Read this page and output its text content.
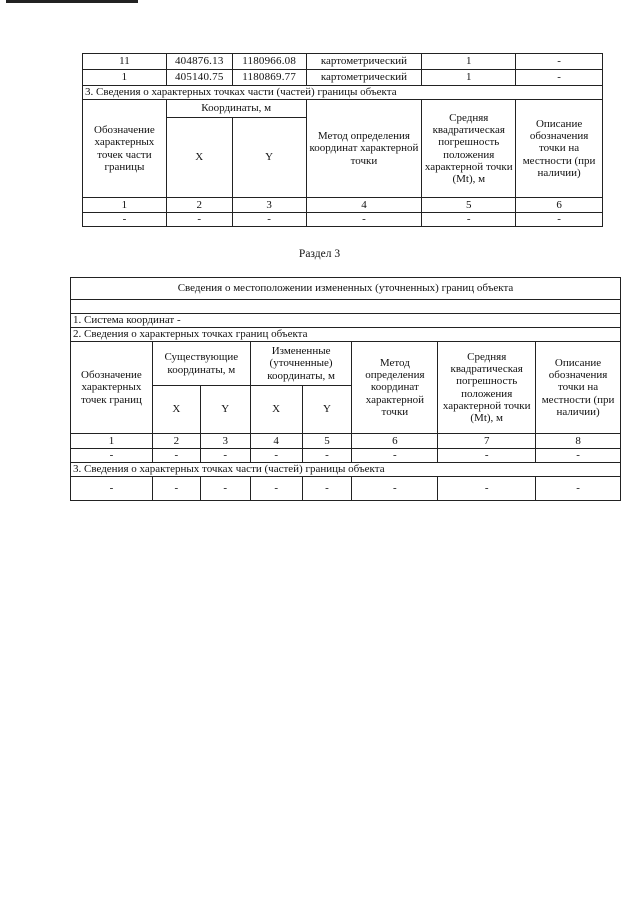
11	404876.13	1180966.08	картометрический	1	-
1	405140.75	1180869.77	картометрический	1	-
3. Сведения о характерных точках части (частей) границы объекта					
Обозначение характерных точек части границы	Координаты, м		Метод определения координат характерной точки	Средняя квадратическая погрешность положения характерной точки (Mt), м	Описание обозначения точки на местности (при наличии)
	X	Y			
1	2	3	4	5	6
-	-	-	-	-	-
Раздел 3
Сведения о местоположении измененных (уточненных) границ объекта							

1. Система координат -							
2. Сведения о характерных точках границ объекта							
Обозначение характерных точек границ	Существующие координаты, м		Измененные (уточненные) координаты, м		Метод определения координат характерной точки	Средняя квадратическая погрешность положения характерной точки (Mt), м	Описание обозначения точки на местности (при наличии)
	X	Y	X	Y			
1	2	3	4	5	6	7	8
-	-	-	-	-	-	-	-
3. Сведения о характерных точках части (частей) границы объекта							
-	-	-	-	-	-	-	-
